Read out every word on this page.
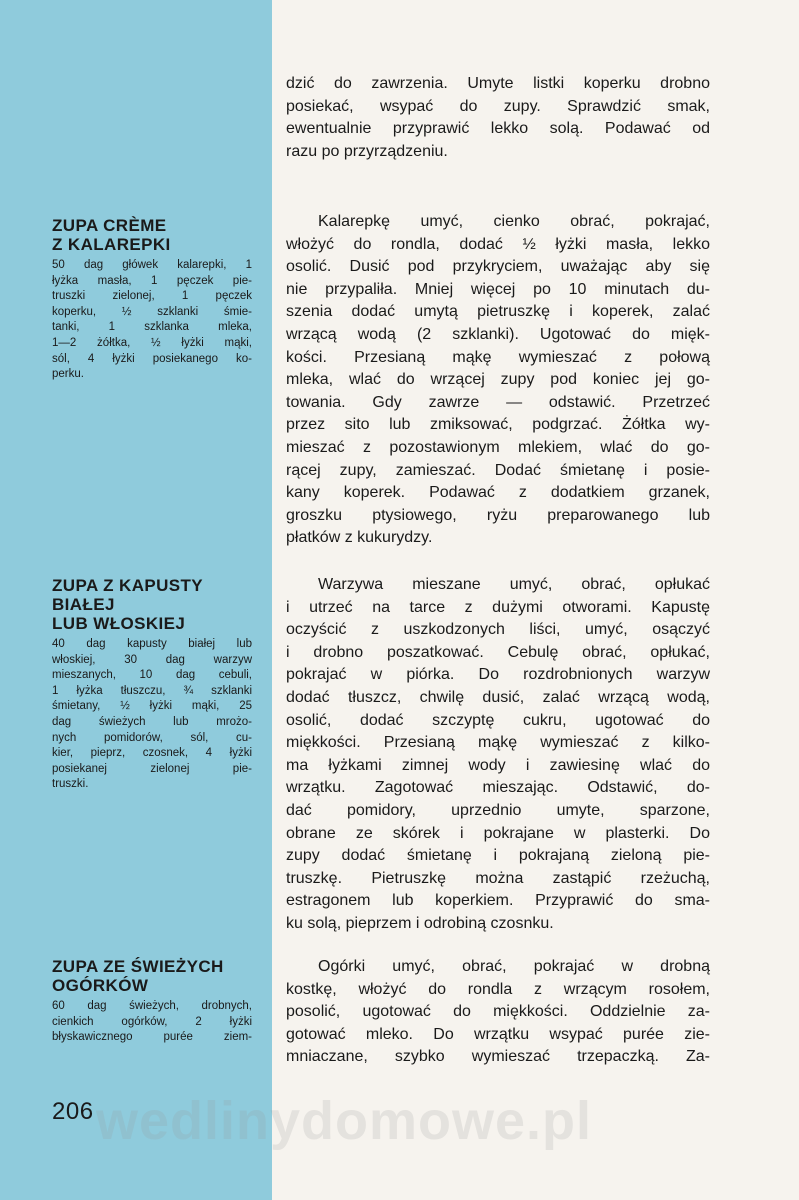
dzić do zawrzenia. Umyte listki koperku drobno
posiekać, wsypać do zupy. Sprawdzić smak,
ewentualnie przyprawić lekko solą. Podawać od
razu po przyrządzeniu.
ZUPA CRÈME
Z KALAREPKI
50 dag główek kalarepki, 1
łyżka masła, 1 pęczek pie-
truszki zielonej, 1 pęczek
koperku, ½ szklanki śmie-
tanki, 1 szklanka mleka,
1—2 żółtka, ½ łyżki mąki,
sól, 4 łyżki posiekanego ko-
perku.
Kalarepkę umyć, cienko obrać, pokrajać,
włożyć do rondla, dodać ½ łyżki masła, lekko
osolić. Dusić pod przykryciem, uważając aby się
nie przypaliła. Mniej więcej po 10 minutach du-
szenia dodać umytą pietruszkę i koperek, zalać
wrzącą wodą (2 szklanki). Ugotować do mięk-
kości. Przesianą mąkę wymieszać z połową
mleka, wlać do wrzącej zupy pod koniec jej go-
towania. Gdy zawrze — odstawić. Przetrzeć
przez sito lub zmiksować, podgrzać. Żółtka wy-
mieszać z pozostawionym mlekiem, wlać do go-
rącej zupy, zamieszać. Dodać śmietanę i posie-
kany koperek. Podawać z dodatkiem grzanek,
groszku ptysiowego, ryżu preparowanego lub
płatków z kukurydzy.
ZUPA Z KAPUSTY
BIAŁEJ
LUB WŁOSKIEJ
40 dag kapusty białej lub
włoskiej, 30 dag warzyw
mieszanych, 10 dag cebuli,
1 łyżka tłuszczu, ¾ szklanki
śmietany, ½ łyżki mąki, 25
dag świeżych lub mrożo-
nych pomidorów, sól, cu-
kier, pieprz, czosnek, 4 łyżki
posiekanej zielonej pie-
truszki.
Warzywa mieszane umyć, obrać, opłukać
i utrzeć na tarce z dużymi otworami. Kapustę
oczyścić z uszkodzonych liści, umyć, osączyć
i drobno poszatkować. Cebulę obrać, opłukać,
pokrajać w piórka. Do rozdrobnionych warzyw
dodać tłuszcz, chwilę dusić, zalać wrzącą wodą,
osolić, dodać szczyptę cukru, ugotować do
miękkości. Przesianą mąkę wymieszać z kilko-
ma łyżkami zimnej wody i zawiesinę wlać do
wrzątku. Zagotować mieszając. Odstawić, do-
dać pomidory, uprzednio umyte, sparzone,
obrane ze skórek i pokrajane w plasterki. Do
zupy dodać śmietanę i pokrajaną zieloną pie-
truszkę. Pietruszkę można zastąpić rzeżuchą,
estragonem lub koperkiem. Przyprawić do sma-
ku solą, pieprzem i odrobiną czosnku.
ZUPA ZE ŚWIEŻYCH
OGÓRKÓW
60 dag świeżych, drobnych,
cienkich ogórków, 2 łyżki
błyskawicznego purée ziem-
Ogórki umyć, obrać, pokrajać w drobną
kostkę, włożyć do rondla z wrzącym rosołem,
posolić, ugotować do miękkości. Oddzielnie za-
gotować mleko. Do wrzątku wsypać purée zie-
mniaczane, szybko wymieszać trzepaczką. Za-
wedlinydomowe.pl
206
